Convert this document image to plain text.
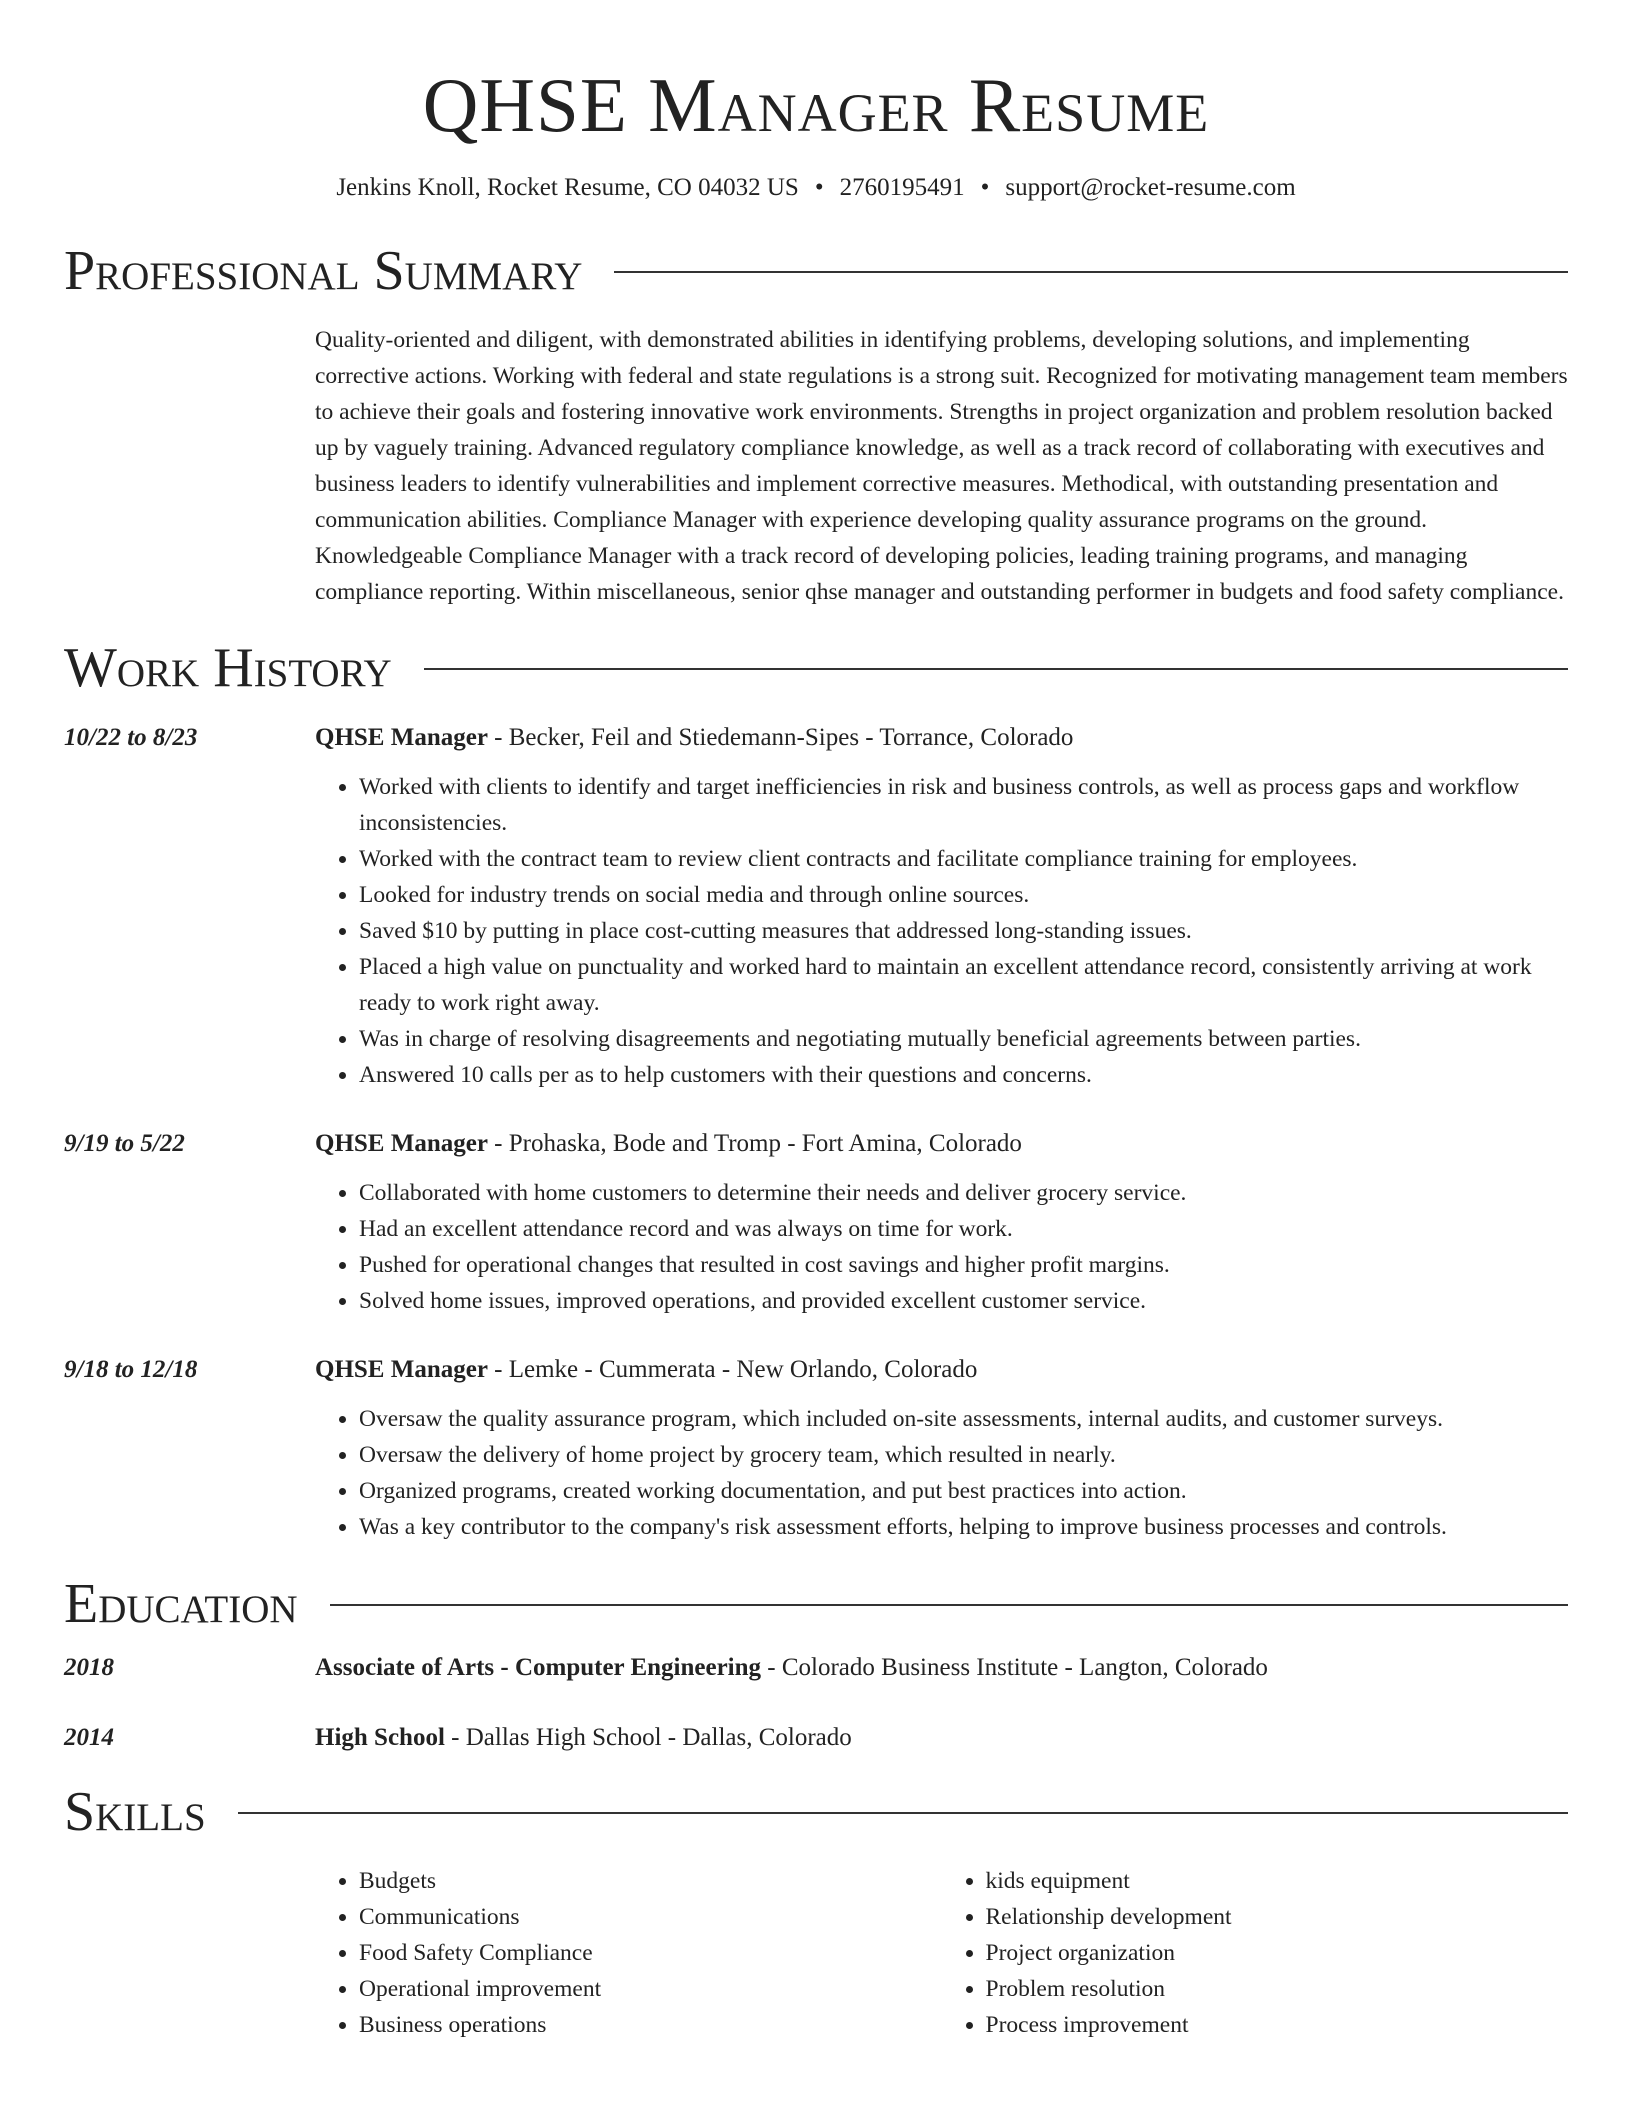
QHSE Manager Resume
Jenkins Knoll, Rocket Resume, CO 04032 US • 2760195491 • support@rocket-resume.com
Professional Summary
Quality-oriented and diligent, with demonstrated abilities in identifying problems, developing solutions, and implementing corrective actions. Working with federal and state regulations is a strong suit. Recognized for motivating management team members to achieve their goals and fostering innovative work environments. Strengths in project organization and problem resolution backed up by vaguely training. Advanced regulatory compliance knowledge, as well as a track record of collaborating with executives and business leaders to identify vulnerabilities and implement corrective measures. Methodical, with outstanding presentation and communication abilities. Compliance Manager with experience developing quality assurance programs on the ground. Knowledgeable Compliance Manager with a track record of developing policies, leading training programs, and managing compliance reporting. Within miscellaneous, senior qhse manager and outstanding performer in budgets and food safety compliance.
Work History
10/22 to 8/23	QHSE Manager - Becker, Feil and Stiedemann-Sipes - Torrance, Colorado
• Worked with clients to identify and target inefficiencies in risk and business controls, as well as process gaps and workflow inconsistencies.
• Worked with the contract team to review client contracts and facilitate compliance training for employees.
• Looked for industry trends on social media and through online sources.
• Saved $10 by putting in place cost-cutting measures that addressed long-standing issues.
• Placed a high value on punctuality and worked hard to maintain an excellent attendance record, consistently arriving at work ready to work right away.
• Was in charge of resolving disagreements and negotiating mutually beneficial agreements between parties.
• Answered 10 calls per as to help customers with their questions and concerns.
9/19 to 5/22	QHSE Manager - Prohaska, Bode and Tromp - Fort Amina, Colorado
• Collaborated with home customers to determine their needs and deliver grocery service.
• Had an excellent attendance record and was always on time for work.
• Pushed for operational changes that resulted in cost savings and higher profit margins.
• Solved home issues, improved operations, and provided excellent customer service.
9/18 to 12/18	QHSE Manager - Lemke - Cummerata - New Orlando, Colorado
• Oversaw the quality assurance program, which included on-site assessments, internal audits, and customer surveys.
• Oversaw the delivery of home project by grocery team, which resulted in nearly.
• Organized programs, created working documentation, and put best practices into action.
• Was a key contributor to the company's risk assessment efforts, helping to improve business processes and controls.
Education
2018	Associate of Arts - Computer Engineering - Colorado Business Institute - Langton, Colorado
2014	High School - Dallas High School - Dallas, Colorado
Skills
• Budgets
• Communications
• Food Safety Compliance
• Operational improvement
• Business operations
• kids equipment
• Relationship development
• Project organization
• Problem resolution
• Process improvement
